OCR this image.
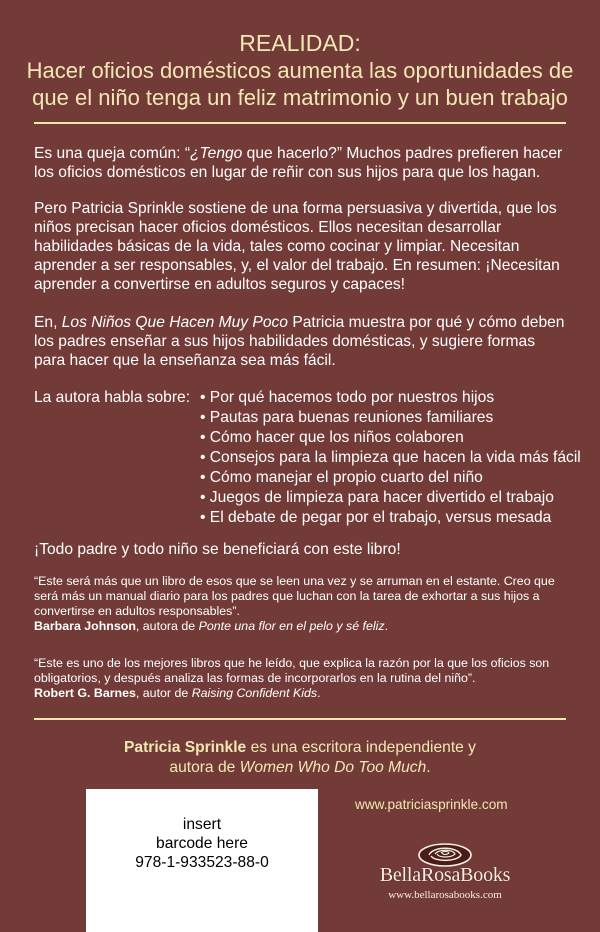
REALIDAD:
Hacer oficios domésticos aumenta las oportunidades de
que el niño tenga un feliz matrimonio y un buen trabajo

Es una queja común: “¿Tengo que hacerlo?” Muchos padres prefieren hacer los oficios domésticos en lugar de reñir con sus hijos para que los hagan.

Pero Patricia Sprinkle sostiene de una forma persuasiva y divertida, que los niños precisan hacer oficios domésticos. Ellos necesitan desarrollar habilidades básicas de la vida, tales como cocinar y limpiar. Necesitan aprender a ser responsables, y, el valor del trabajo. En resumen: ¡Necesitan aprender a convertirse en adultos seguros y capaces!

En, Los Niños Que Hacen Muy Poco Patricia muestra por qué y cómo deben los padres enseñar a sus hijos habilidades domésticas, y sugiere formas para hacer que la enseñanza sea más fácil.

La autora habla sobre: • Por qué hacemos todo por nuestros hijos
• Pautas para buenas reuniones familiares
• Cómo hacer que los niños colaboren
• Consejos para la limpieza que hacen la vida más fácil
• Cómo manejar el propio cuarto del niño
• Juegos de limpieza para hacer divertido el trabajo
• El debate de pegar por el trabajo, versus mesada
¡Todo padre y todo niño se beneficiará con este libro!

“Este será más que un libro de esos que se leen una vez y se arruman en el estante. Creo que será más un manual diario para los padres que luchan con la tarea de exhortar a sus hijos a convertirse en adultos responsables”.

Barbara Johnson, autora de Ponte una flor en el pelo y sé feliz.

“Este es uno de los mejores libros que he leído, que explica la razón por la que los oficios son obligatorios, y después analiza las formas de incorporarlos en la rutina del niño”.

Robert G. Barnes, autor de Raising Confident Kids.

Patricia Sprinkle es una escritora independiente y
autora de Women Who Do Too Much.
insert
barcode here
978-1-933523-88-0
www.patriciasprinkle.com
BellaRosaBooks
www.bellarosabooks.com
